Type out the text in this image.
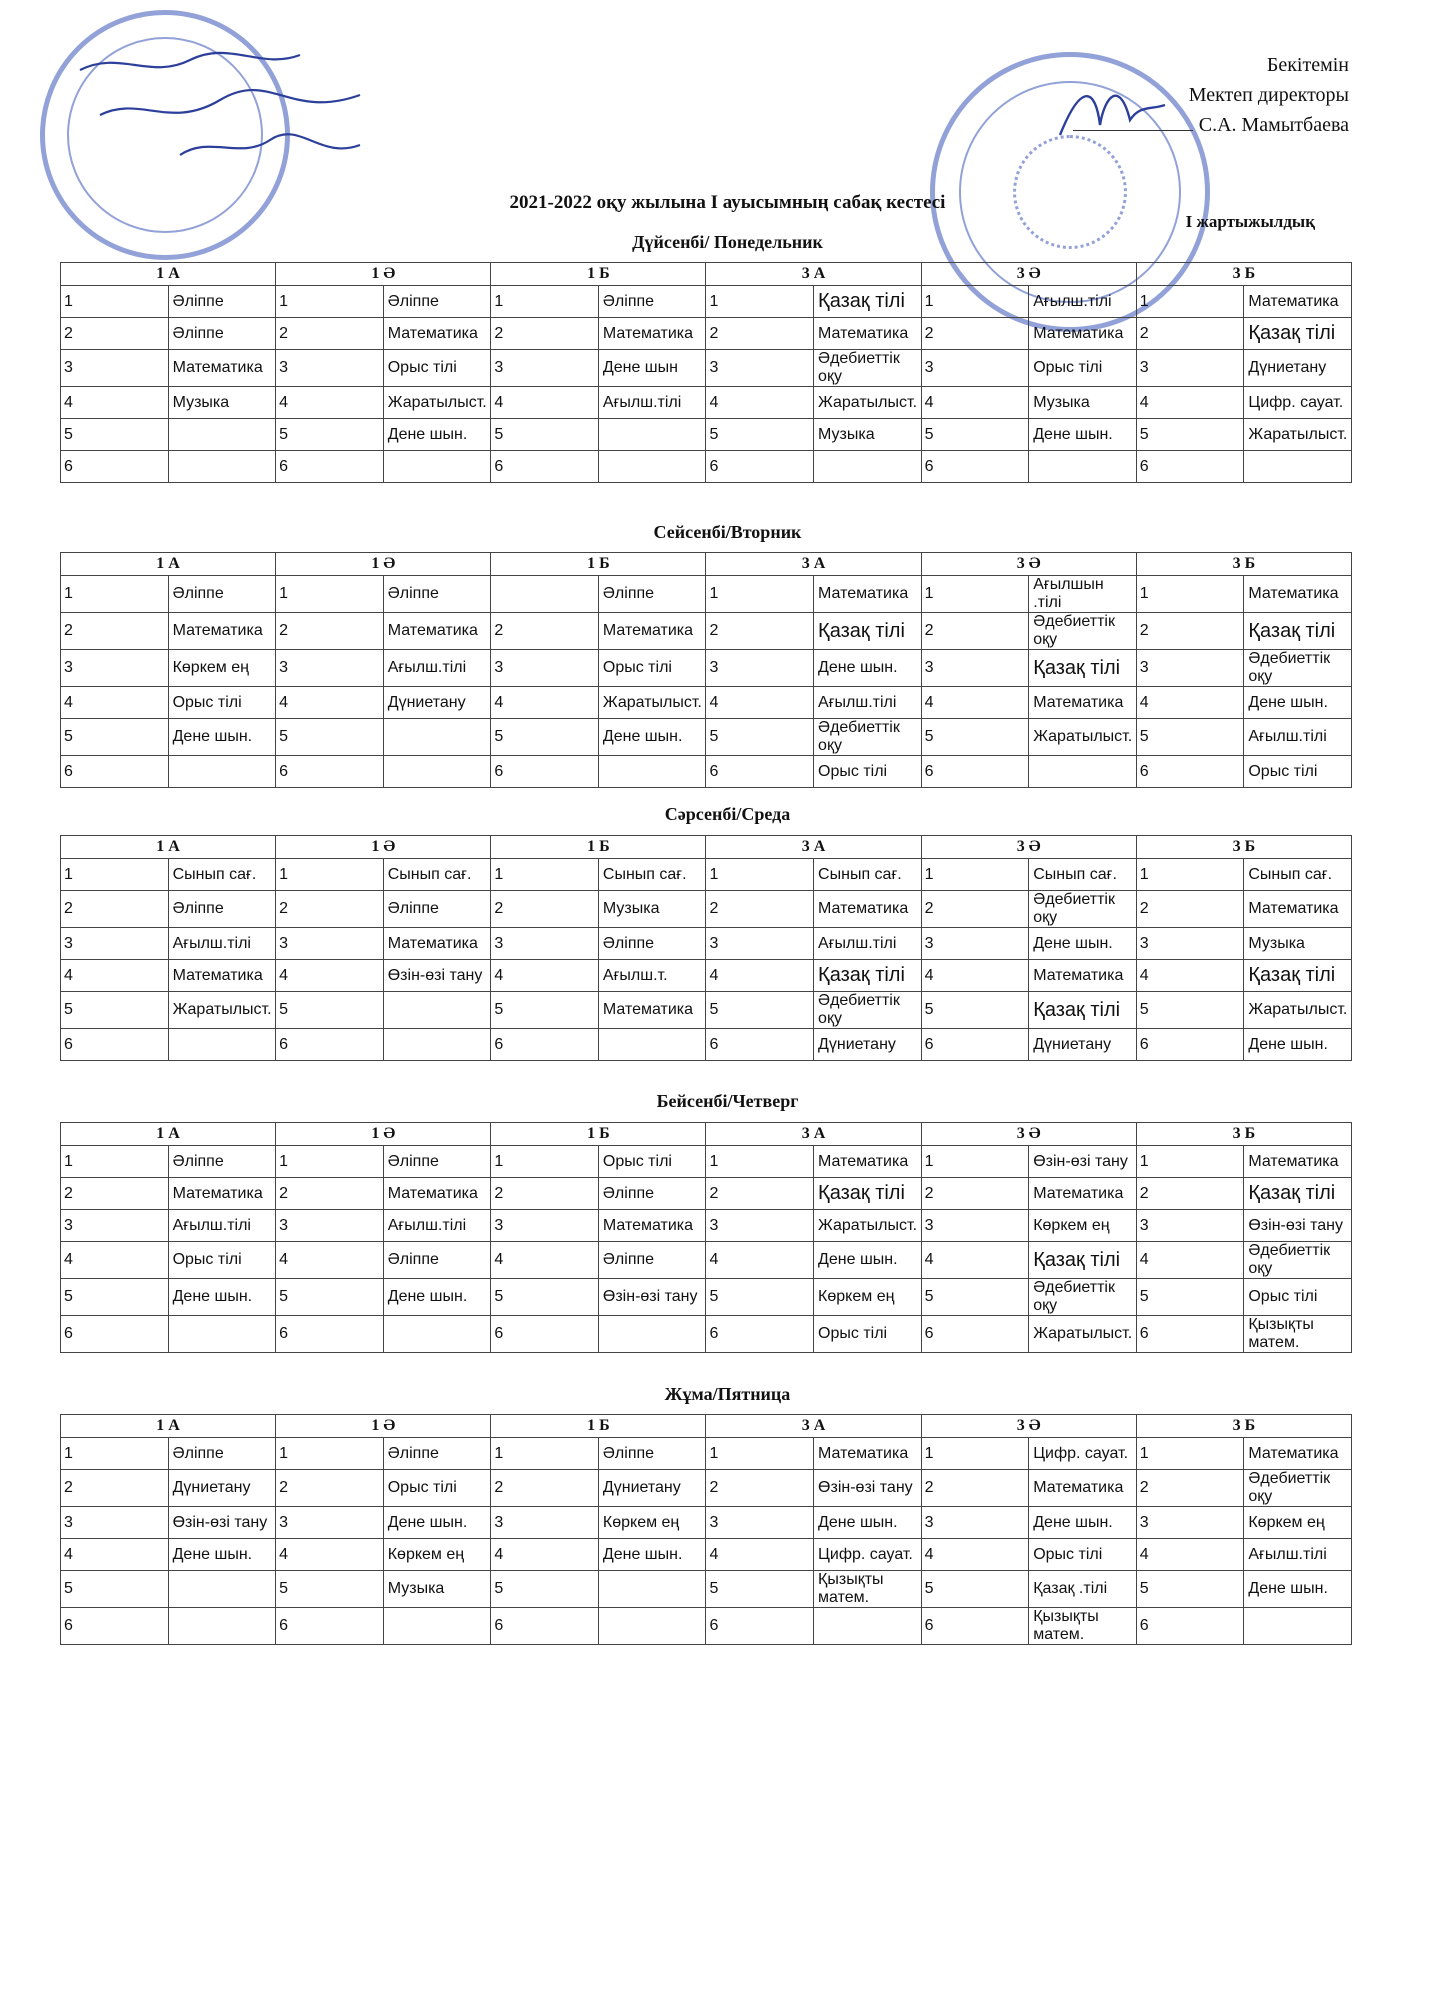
Бекітемін
Мектеп директоры
С.А. Мамытбаева
2021-2022 оқу жылына I ауысымның сабақ кестесі
I жартыжылдық
Дүйсенбі/ Понедельник
1 А		1 Ә		1 Б		3 А		3 Ә		3 Б	
1	Әліппе	1	Әліппе	1	Әліппе	1	Қазақ тілі	1	Ағылш.тілі	1	Математика
2	Әліппе	2	Математика	2	Математика	2	Математика	2	Математика	2	Қазақ тілі
3	Математика	3	Орыс тілі	3	Дене шын	3	Әдебиеттік оқу	3	Орыс тілі	3	Дүниетану
4	Музыка	4	Жаратылыст.	4	Ағылш.тілі	4	Жаратылыст.	4	Музыка	4	Цифр. сауат.
5		5	Дене шын.	5		5	Музыка	5	Дене шын.	5	Жаратылыст.
6		6		6		6		6		6	
Сейсенбі/Вторник
1 А		1 Ә		1 Б		3 А		3 Ә		3 Б	
1	Әліппе	1	Әліппе		Әліппе	1	Математика	1	Ағылшын .тілі	1	Математика
2	Математика	2	Математика	2	Математика	2	Қазақ тілі	2	Әдебиеттік оқу	2	Қазақ тілі
3	Көркем ең	3	Ағылш.тілі	3	Орыс тілі	3	Дене шын.	3	Қазақ тілі	3	Әдебиеттік оқу
4	Орыс тілі	4	Дүниетану	4	Жаратылыст.	4	Ағылш.тілі	4	Математика	4	Дене шын.
5	Дене шын.	5		5	Дене шын.	5	Әдебиеттік оқу	5	Жаратылыст.	5	Ағылш.тілі
6		6		6		6	Орыс тілі	6		6	Орыс тілі
Сәрсенбі/Среда
1 А		1 Ә		1 Б		3 А		3 Ә		3 Б	
1	Сынып сағ.	1	Сынып сағ.	1	Сынып сағ.	1	Сынып сағ.	1	Сынып сағ.	1	Сынып сағ.
2	Әліппе	2	Әліппе	2	Музыка	2	Математика	2	Әдебиеттік оқу	2	Математика
3	Ағылш.тілі	3	Математика	3	Әліппе	3	Ағылш.тілі	3	Дене шын.	3	Музыка
4	Математика	4	Өзін-өзі тану	4	Ағылш.т.	4	Қазақ тілі	4	Математика	4	Қазақ тілі
5	Жаратылыст.	5		5	Математика	5	Әдебиеттік оқу	5	Қазақ тілі	5	Жаратылыст.
6		6		6		6	Дүниетану	6	Дүниетану	6	Дене шын.
Бейсенбі/Четверг
1 А		1 Ә		1 Б		3 А		3 Ә		3 Б	
1	Әліппе	1	Әліппе	1	Орыс тілі	1	Математика	1	Өзін-өзі тану	1	Математика
2	Математика	2	Математика	2	Әліппе	2	Қазақ тілі	2	Математика	2	Қазақ тілі
3	Ағылш.тілі	3	Ағылш.тілі	3	Математика	3	Жаратылыст.	3	Көркем ең	3	Өзін-өзі тану
4	Орыс тілі	4	Әліппе	4	Әліппе	4	Дене шын.	4	Қазақ тілі	4	Әдебиеттік оқу
5	Дене шын.	5	Дене шын.	5	Өзін-өзі тану	5	Көркем ең	5	Әдебиеттік оқу	5	Орыс тілі
6		6		6		6	Орыс тілі	6	Жаратылыст.	6	Қызықты матем.
Жұма/Пятница
1 А		1 Ә		1 Б		3 А		3 Ә		3 Б	
1	Әліппе	1	Әліппе	1	Әліппе	1	Математика	1	Цифр. сауат.	1	Математика
2	Дүниетану	2	Орыс тілі	2	Дүниетану	2	Өзін-өзі тану	2	Математика	2	Әдебиеттік оқу
3	Өзін-өзі тану	3	Дене шын.	3	Көркем ең	3	Дене шын.	3	Дене шын.	3	Көркем ең
4	Дене шын.	4	Көркем ең	4	Дене шын.	4	Цифр. сауат.	4	Орыс тілі	4	Ағылш.тілі
5		5	Музыка	5		5	Қызықты матем.	5	Қазақ .тілі	5	Дене шын.
6		6		6		6		6	Қызықты матем.	6	
